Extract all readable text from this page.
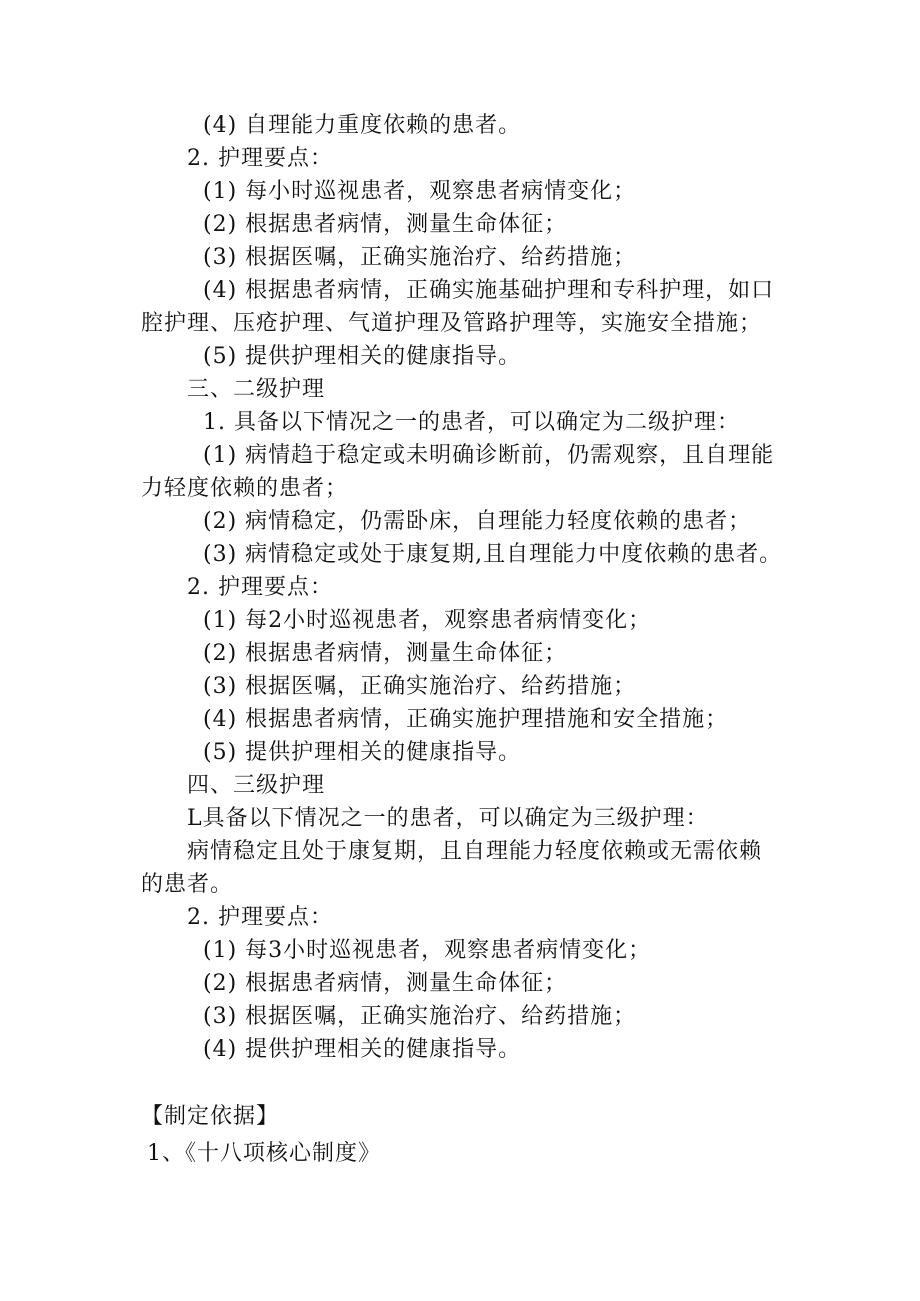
(4) 自理能力重度依赖的患者。
2. 护理要点：
(1) 每小时巡视患者，观察患者病情变化；
(2) 根据患者病情，测量生命体征；
(3) 根据医嘱，正确实施治疗、给药措施；
(4) 根据患者病情，正确实施基础护理和专科护理，如口
腔护理、压疮护理、气道护理及管路护理等，实施安全措施；
(5) 提供护理相关的健康指导。
三、二级护理
1. 具备以下情况之一的患者，可以确定为二级护理：
(1) 病情趋于稳定或未明确诊断前，仍需观察，且自理能
力轻度依赖的患者；
(2) 病情稳定，仍需卧床，自理能力轻度依赖的患者；
(3) 病情稳定或处于康复期,且自理能力中度依赖的患者。
2. 护理要点：
(1) 每2小时巡视患者，观察患者病情变化；
(2) 根据患者病情，测量生命体征；
(3) 根据医嘱，正确实施治疗、给药措施；
(4) 根据患者病情，正确实施护理措施和安全措施；
(5) 提供护理相关的健康指导。
四、三级护理
L具备以下情况之一的患者，可以确定为三级护理：
病情稳定且处于康复期，且自理能力轻度依赖或无需依赖
的患者。
2. 护理要点：
(1) 每3小时巡视患者，观察患者病情变化；
(2) 根据患者病情，测量生命体征；
(3) 根据医嘱，正确实施治疗、给药措施；
(4) 提供护理相关的健康指导。
【制定依据】
1、《十八项核心制度》
